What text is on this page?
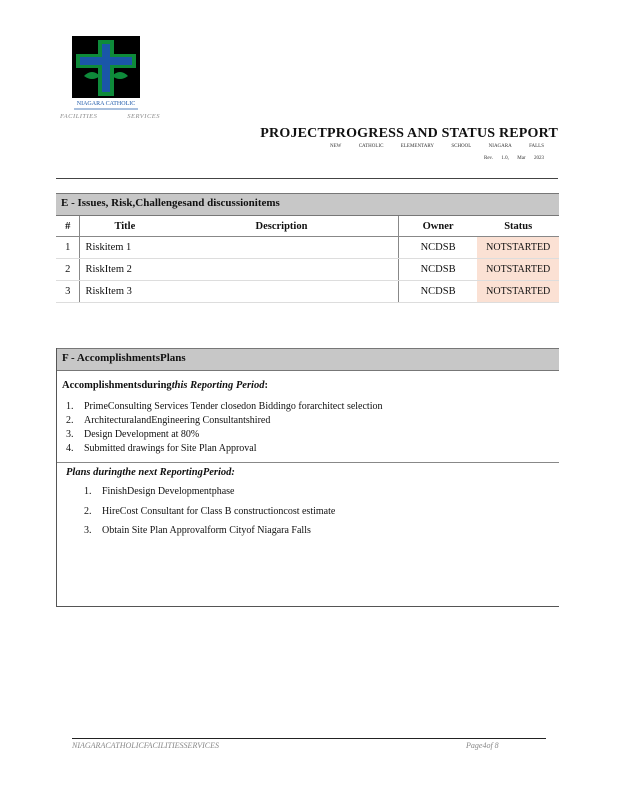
NIAGARA CATHOLIC
FACILITIES	SERVICES
PROJECTPROGRESS AND STATUS REPORT
NEW	CATHOLIC	ELEMENTARY	SCHOOL	NIAGARA	FALLS
Rev. 1.0, Mar 2023
E - Issues, Risk,Challengesand discussionitems
#	Title	Description	Owner	Status
1	Riskitem 1		NCDSB	NOTSTARTED
2	RiskItem 2		NCDSB	NOTSTARTED
3	RiskItem 3		NCDSB	NOTSTARTED
F - AccomplishmentsPlans
Accomplishmentsduringthis Reporting Period:
1. PrimeConsulting Services Tender closedon Biddingo forarchitect selection
2. ArchitecturalandEngineering Consultantshired
3. Design Development at 80%
4. Submitted drawings for Site Plan Approval
Plans duringthe next ReportingPeriod:
1. FinishDesign Developmentphase
2. HireCost Consultant for Class B constructioncost estimate
3. Obtain Site Plan Approvalform Cityof Niagara Falls
NIAGARACATHOLICFACILITIESSERVICES	Page4of 8
